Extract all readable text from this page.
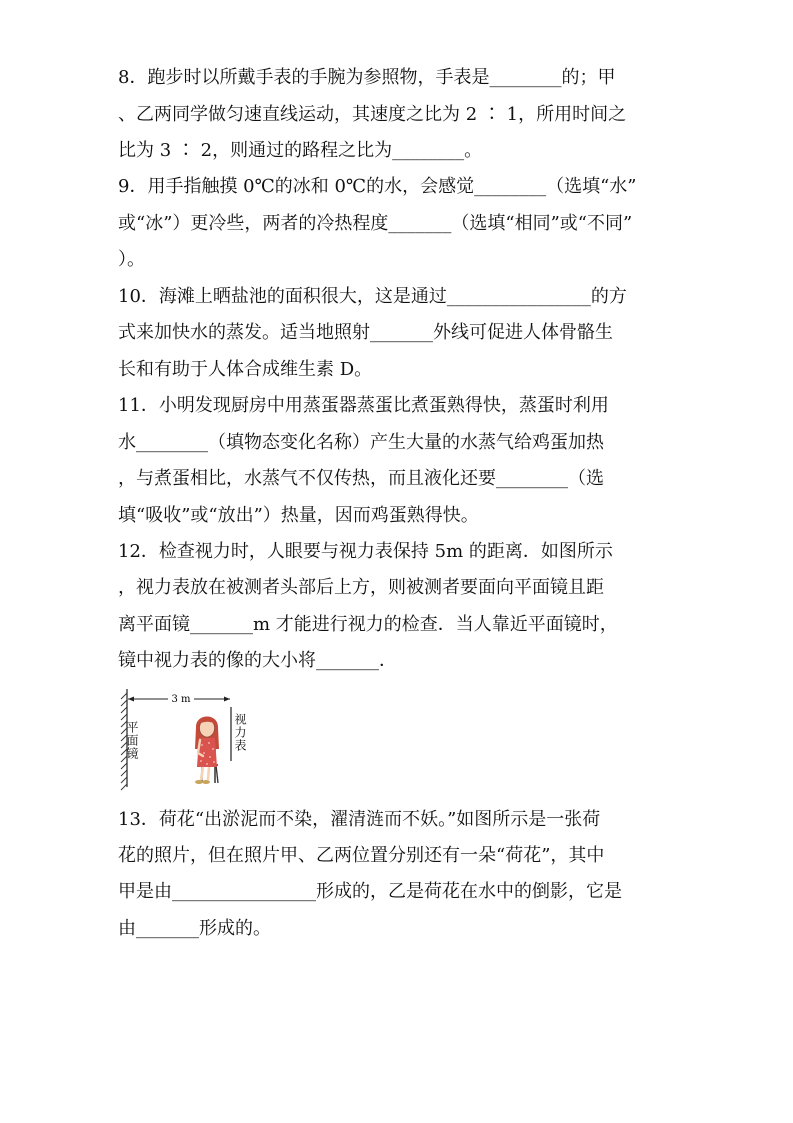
8．跑步时以所戴手表的手腕为参照物，手表是________的；甲
、乙两同学做匀速直线运动，其速度之比为 2 ∶ 1，所用时间之
比为 3 ∶ 2，则通过的路程之比为________。
9．用手指触摸 0℃的冰和 0℃的水，会感觉________（选填“水”
或“冰”）更冷些，两者的冷热程度_______（选填“相同”或“不同”
）。
10．海滩上晒盐池的面积很大，这是通过________________的方
式来加快水的蒸发。适当地照射_______外线可促进人体骨骼生
长和有助于人体合成维生素 D。
11．小明发现厨房中用蒸蛋器蒸蛋比煮蛋熟得快，蒸蛋时利用
水________（填物态变化名称）产生大量的水蒸气给鸡蛋加热
，与煮蛋相比，水蒸气不仅传热，而且液化还要________（选
填“吸收”或“放出”）热量，因而鸡蛋熟得快。
12．检查视力时，人眼要与视力表保持 5m 的距离．如图所示
，视力表放在被测者头部后上方，则被测者要面向平面镜且距
离平面镜_______m 才能进行视力的检查．当人靠近平面镜时，
镜中视力表的像的大小将_______．
3 m
平面镜	视力表
13．荷花“出淤泥而不染，濯清涟而不妖。”如图所示是一张荷
花的照片，但在照片甲、乙两位置分别还有一朵“荷花”，其中
甲是由________________形成的，乙是荷花在水中的倒影，它是
由_______形成的。
